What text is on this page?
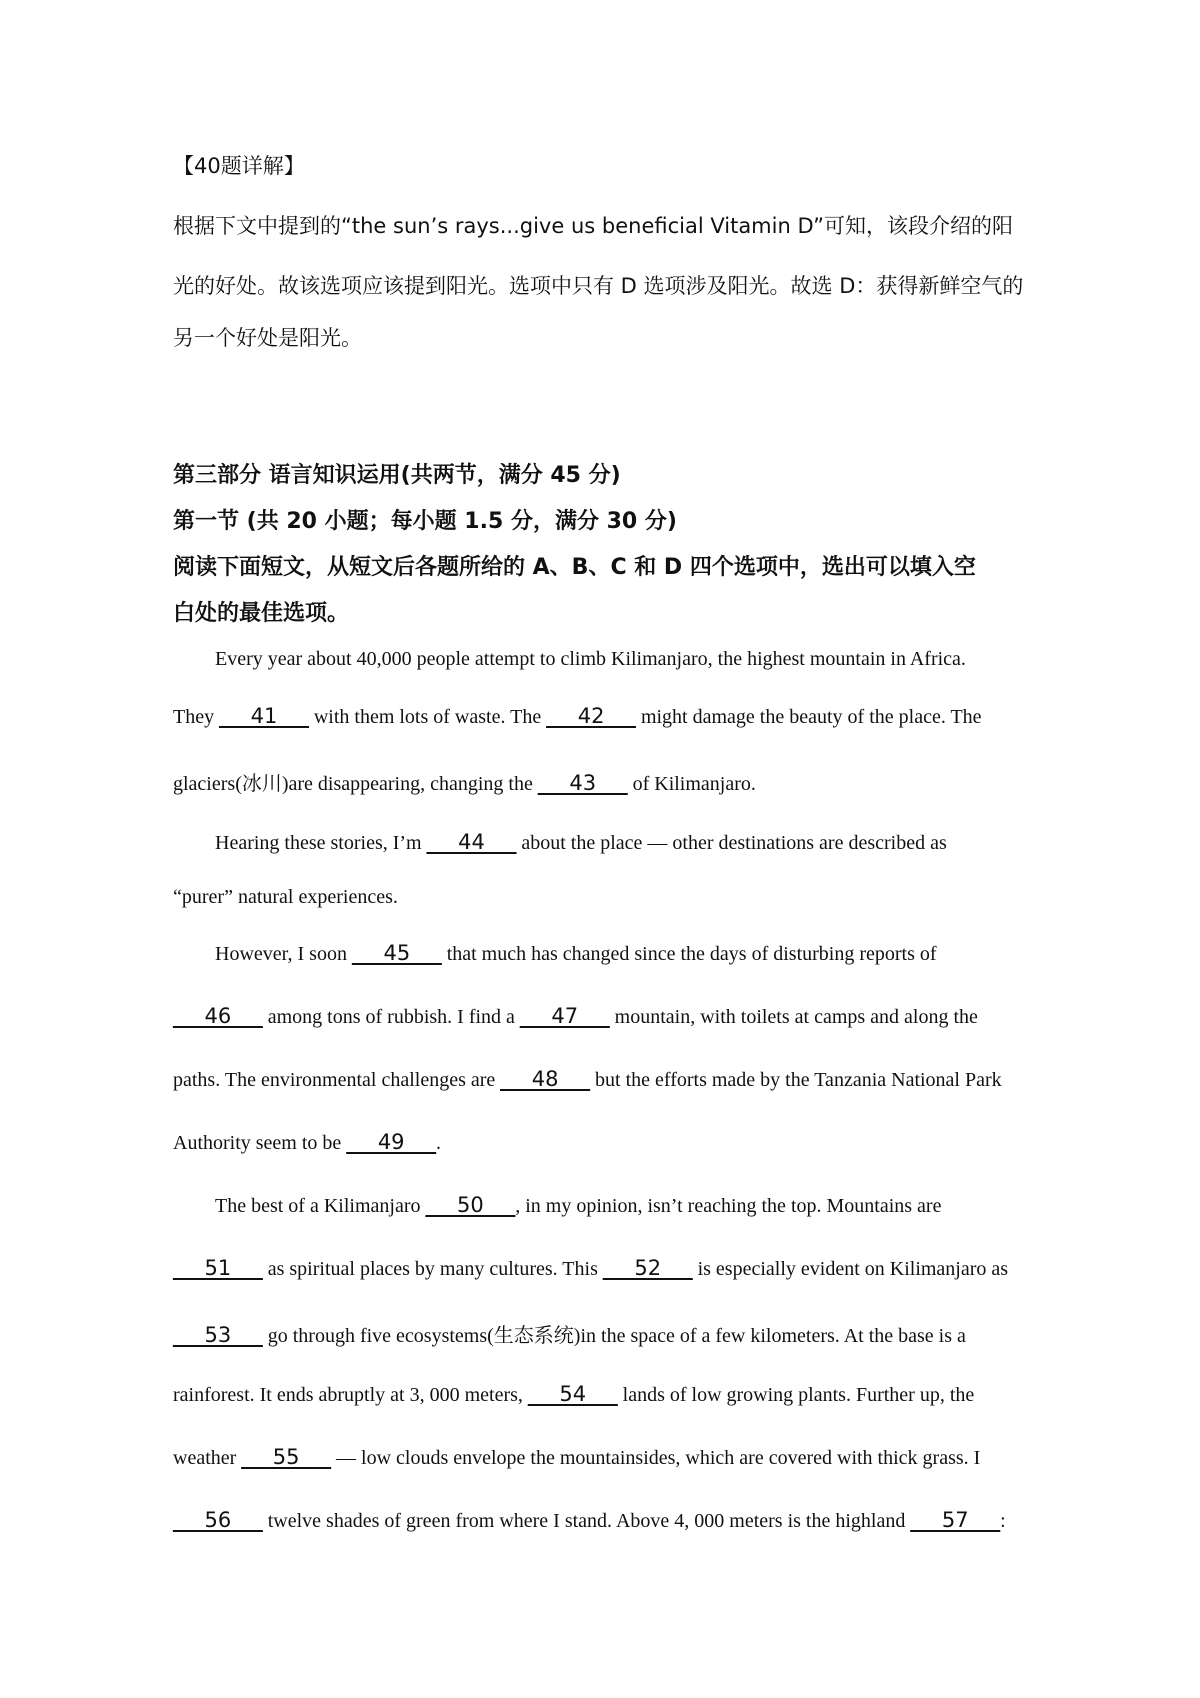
【40题详解】
根据下文中提到的“the sun’s rays...give us beneficial Vitamin D”可知，该段介绍的阳
光的好处。故该选项应该提到阳光。选项中只有 D 选项涉及阳光。故选 D：获得新鲜空气的
另一个好处是阳光。
第三部分 语言知识运用(共两节，满分 45 分)
第一节 (共 20 小题；每小题 1.5 分，满分 30 分)
阅读下面短文，从短文后各题所给的 A、B、C 和 D 四个选项中，选出可以填入空
白处的最佳选项。
Every year about 40,000 people attempt to climb Kilimanjaro, the highest mountain in Africa.
They ___41___ with them lots of waste. The ___42___ might damage the beauty of the place. The
glaciers(冰川)are disappearing, changing the ___43___ of Kilimanjaro.
Hearing these stories, I’m ___44___ about the place — other destinations are described as
“purer” natural experiences.
However, I soon ___45___ that much has changed since the days of disturbing reports of
___46___ among tons of rubbish. I find a ___47___ mountain, with toilets at camps and along the
paths. The environmental challenges are ___48___ but the efforts made by the Tanzania National Park
Authority seem to be ___49___.
The best of a Kilimanjaro ___50___, in my opinion, isn’t reaching the top. Mountains are
___51___ as spiritual places by many cultures. This ___52___ is especially evident on Kilimanjaro as
___53___ go through five ecosystems(生态系统)in the space of a few kilometers. At the base is a
rainforest. It ends abruptly at 3, 000 meters, ___54___ lands of low growing plants. Further up, the
weather ___55___ — low clouds envelope the mountainsides, which are covered with thick grass. I
___56___ twelve shades of green from where I stand. Above 4, 000 meters is the highland ___57___:
